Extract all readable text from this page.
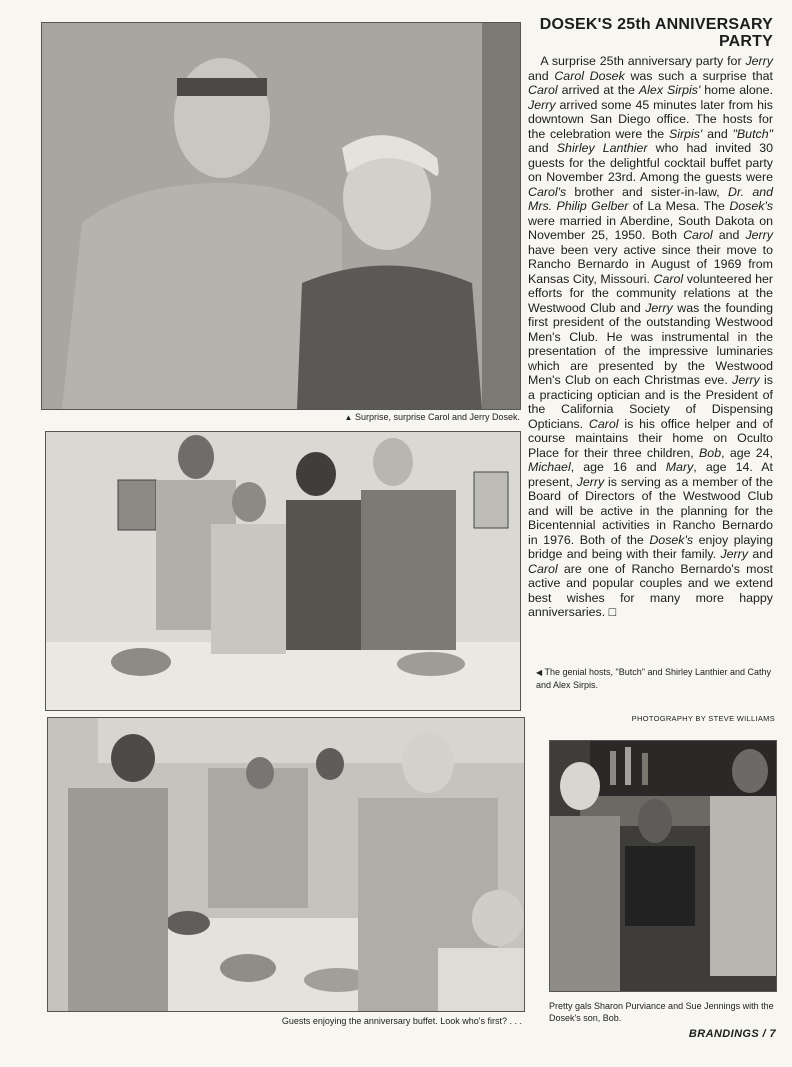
▲ Surprise, surprise Carol and Jerry Dosek.
◀ The genial hosts, "Butch" and Shirley Lanthier and Cathy and Alex Sirpis.
Guests enjoying the anniversary buffet. Look who's first? . . .
Pretty gals Sharon Purviance and Sue Jennings with the Dosek's son, Bob.
DOSEK'S 25th ANNIVERSARY PARTY
 A surprise 25th anniversary party for Jerry and Carol Dosek was such a surprise that Carol arrived at the Alex Sirpis' home alone. Jerry arrived some 45 minutes later from his downtown San Diego office. The hosts for the celebration were the Sirpis' and "Butch" and Shirley Lanthier who had invited 30 guests for the delightful cocktail buffet party on November 23rd. Among the guests were Carol's brother and sister-in-law, Dr. and Mrs. Philip Gelber of La Mesa. The Dosek's were married in Aberdine, South Dakota on November 25, 1950. Both Carol and Jerry have been very active since their move to Rancho Bernardo in August of 1969 from Kansas City, Missouri. Carol volunteered her efforts for the community relations at the Westwood Club and Jerry was the founding first president of the outstanding Westwood Men's Club. He was instrumental in the presentation of the impressive luminaries which are presented by the Westwood Men's Club on each Christmas eve. Jerry is a practicing optician and is the President of the California Society of Dispensing Opticians. Carol is his office helper and of course maintains their home on Oculto Place for their three children, Bob, age 24, Michael, age 16 and Mary, age 14. At present, Jerry is serving as a member of the Board of Directors of the Westwood Club and will be active in the planning for the Bicentennial activities in Rancho Bernardo in 1976. Both of the Dosek's enjoy playing bridge and being with their family. Jerry and Carol are one of Rancho Bernardo's most active and popular couples and we extend best wishes for many more happy anniversaries. □
PHOTOGRAPHY BY STEVE WILLIAMS
BRANDINGS / 7
